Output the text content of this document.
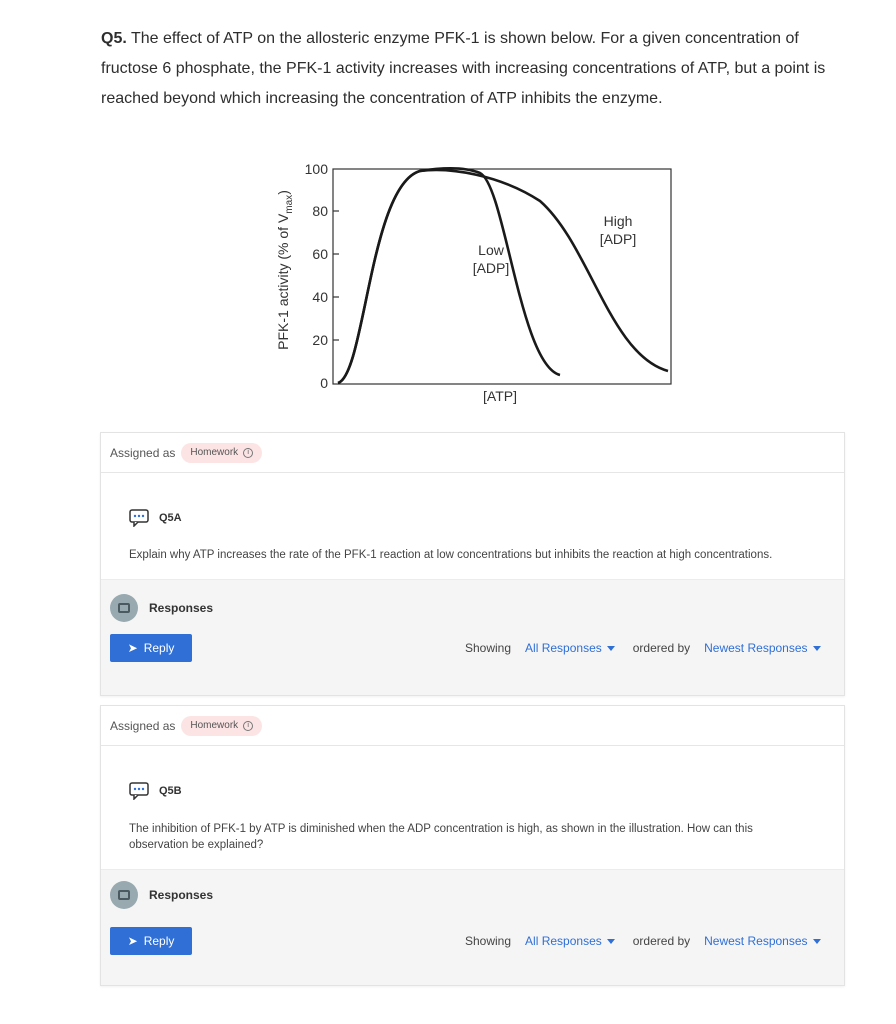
Q5. The effect of ATP on the allosteric enzyme PFK-1 is shown below. For a given concentration of fructose 6 phosphate, the PFK-1 activity increases with increasing concentrations of ATP, but a point is reached beyond which increasing the concentration of ATP inhibits the enzyme.
100
80
60
40
20
0
Low
[ADP]
High
[ADP]
[ATP]
PFK-1 activity (% of $V_{max}$)
Assigned as Homework	i
Q5A
Explain why ATP increases the rate of the PFK-1 reaction at low concentrations but inhibits the reaction at high concentrations.
Responses
➤ Reply	Showing All Responses	ordered by Newest Responses
Assigned as Homework	i
Q5B
The inhibition of PFK-1 by ATP is diminished when the ADP concentration is high, as shown in the illustration. How can this observation be explained?
Responses
➤ Reply	Showing All Responses	ordered by Newest Responses
